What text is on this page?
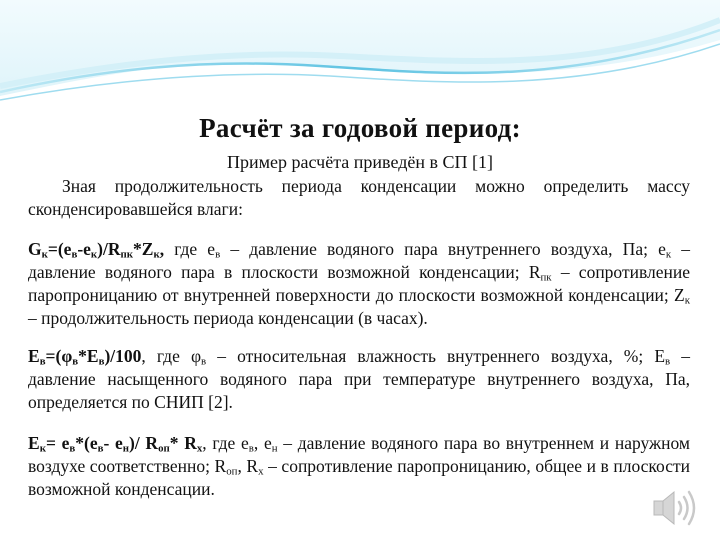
Расчёт за годовой период:
Пример расчёта приведён в СП [1]
Зная продолжительность периода конденсации можно определить массу сконденсировавшейся влаги:
$G_к=(е_в-е_к)/R_{пк}*Z_к$, где $е_в$ – давление водяного пара внутреннего воздуха, Па; $е_к$ – давление водяного пара в плоскости возможной конденсации; $R_{пк}$ – сопротивление паропроницанию от внутренней поверхности до плоскости возможной конденсации; $Z_к$ – продолжительность периода конденсации (в часах).
$Е_в=(\varphi_в*Е_в)/100$, где $\varphi_в$ – относительная влажность внутреннего воздуха, %; $Е_в$ – давление насыщенного водяного пара при температуре внутреннего воздуха, Па, определяется по СНИП [2].
$Е_к= е_в*(е_в-$ $е_н)/$ $R_{оп}*$ $R_х$, где $е_в$, $е_н$ – давление водяного пара во внутреннем и наружном воздухе соответственно; $R_{оп}$, $R_х$ – сопротивление паропроницанию, общее и в плоскости возможной конденсации.
